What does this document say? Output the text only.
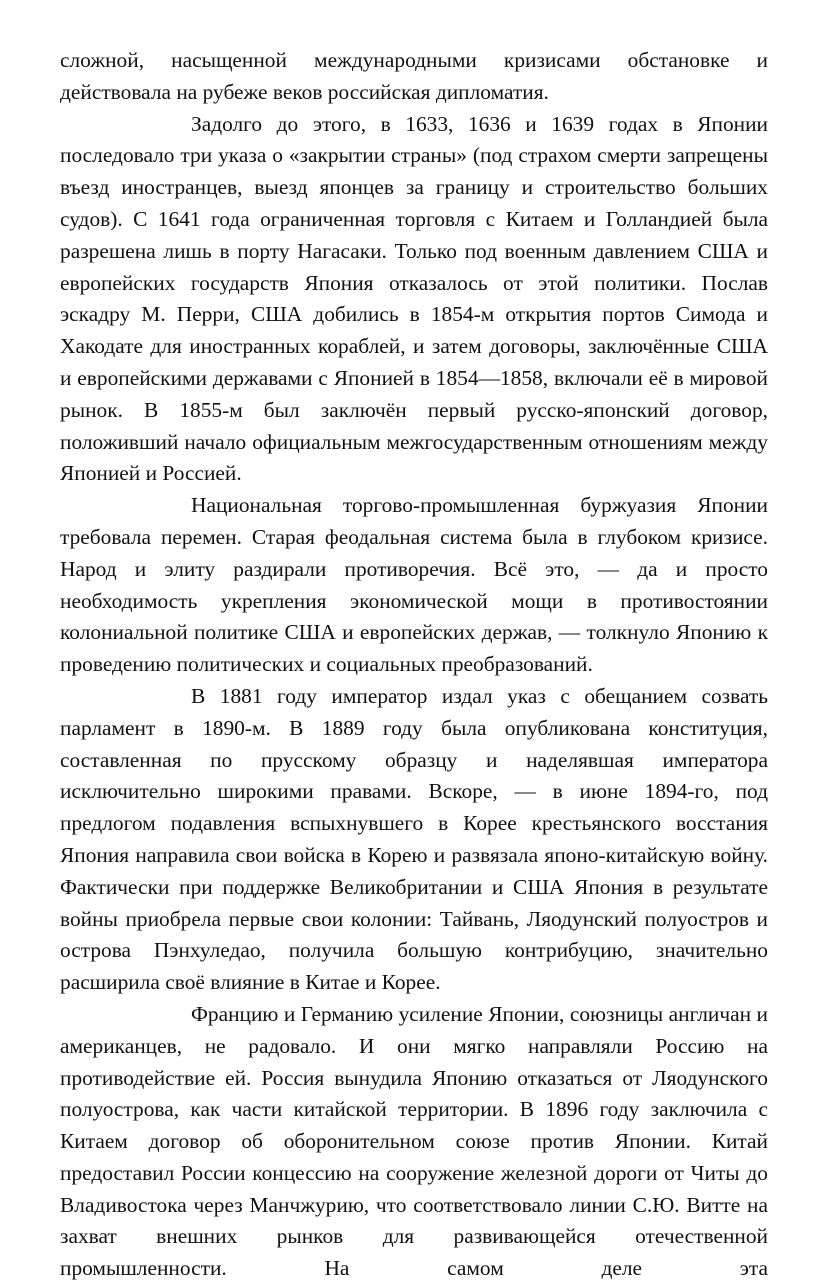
сложной, насыщенной международными кризисами обстановке и действовала на рубеже веков российская дипломатия.

Задолго до этого, в 1633, 1636 и 1639 годах в Японии последовало три указа о «закрытии страны» (под страхом смерти запрещены въезд иностранцев, выезд японцев за границу и строительство больших судов). С 1641 года ограниченная торговля с Китаем и Голландией была разрешена лишь в порту Нагасаки. Только под военным давлением США и европейских государств Япония отказалось от этой политики. Послав эскадру М. Перри, США добились в 1854-м открытия портов Симода и Хакодате для иностранных кораблей, и затем договоры, заключённые США и европейскими державами с Японией в 1854—1858, включали её в мировой рынок. В 1855-м был заключён первый русско-японский договор, положивший начало официальным межгосударственным отношениям между Японией и Россией.

Национальная торгово-промышленная буржуазия Японии требовала перемен. Старая феодальная система была в глубоком кризисе. Народ и элиту раздирали противоречия. Всё это, — да и просто необходимость укрепления экономической мощи в противостоянии колониальной политике США и европейских держав, — толкнуло Японию к проведению политических и социальных преобразований.

В 1881 году император издал указ с обещанием созвать парламент в 1890-м. В 1889 году была опубликована конституция, составленная по прусскому образцу и наделявшая императора исключительно широкими правами. Вскоре, — в июне 1894-го, под предлогом подавления вспыхнувшего в Корее крестьянского восстания Япония направила свои войска в Корею и развязала японо-китайскую войну. Фактически при поддержке Великобритании и США Япония в результате войны приобрела первые свои колонии: Тайвань, Ляодунский полуостров и острова Пэнхуледао, получила большую контрибуцию, значительно расширила своё влияние в Китае и Корее.

Францию и Германию усиление Японии, союзницы англичан и американцев, не радовало. И они мягко направляли Россию на противодействие ей. Россия вынудила Японию отказаться от Ляодунского полуострова, как части китайской территории. В 1896 году заключила с Китаем договор об оборонительном союзе против Японии. Китай предоставил России концессию на сооружение железной дороги от Читы до Владивостока через Манчжурию, что соответствовало линии С.Ю. Витте на захват внешних рынков для развивающейся отечественной промышленности. На самом деле эта
